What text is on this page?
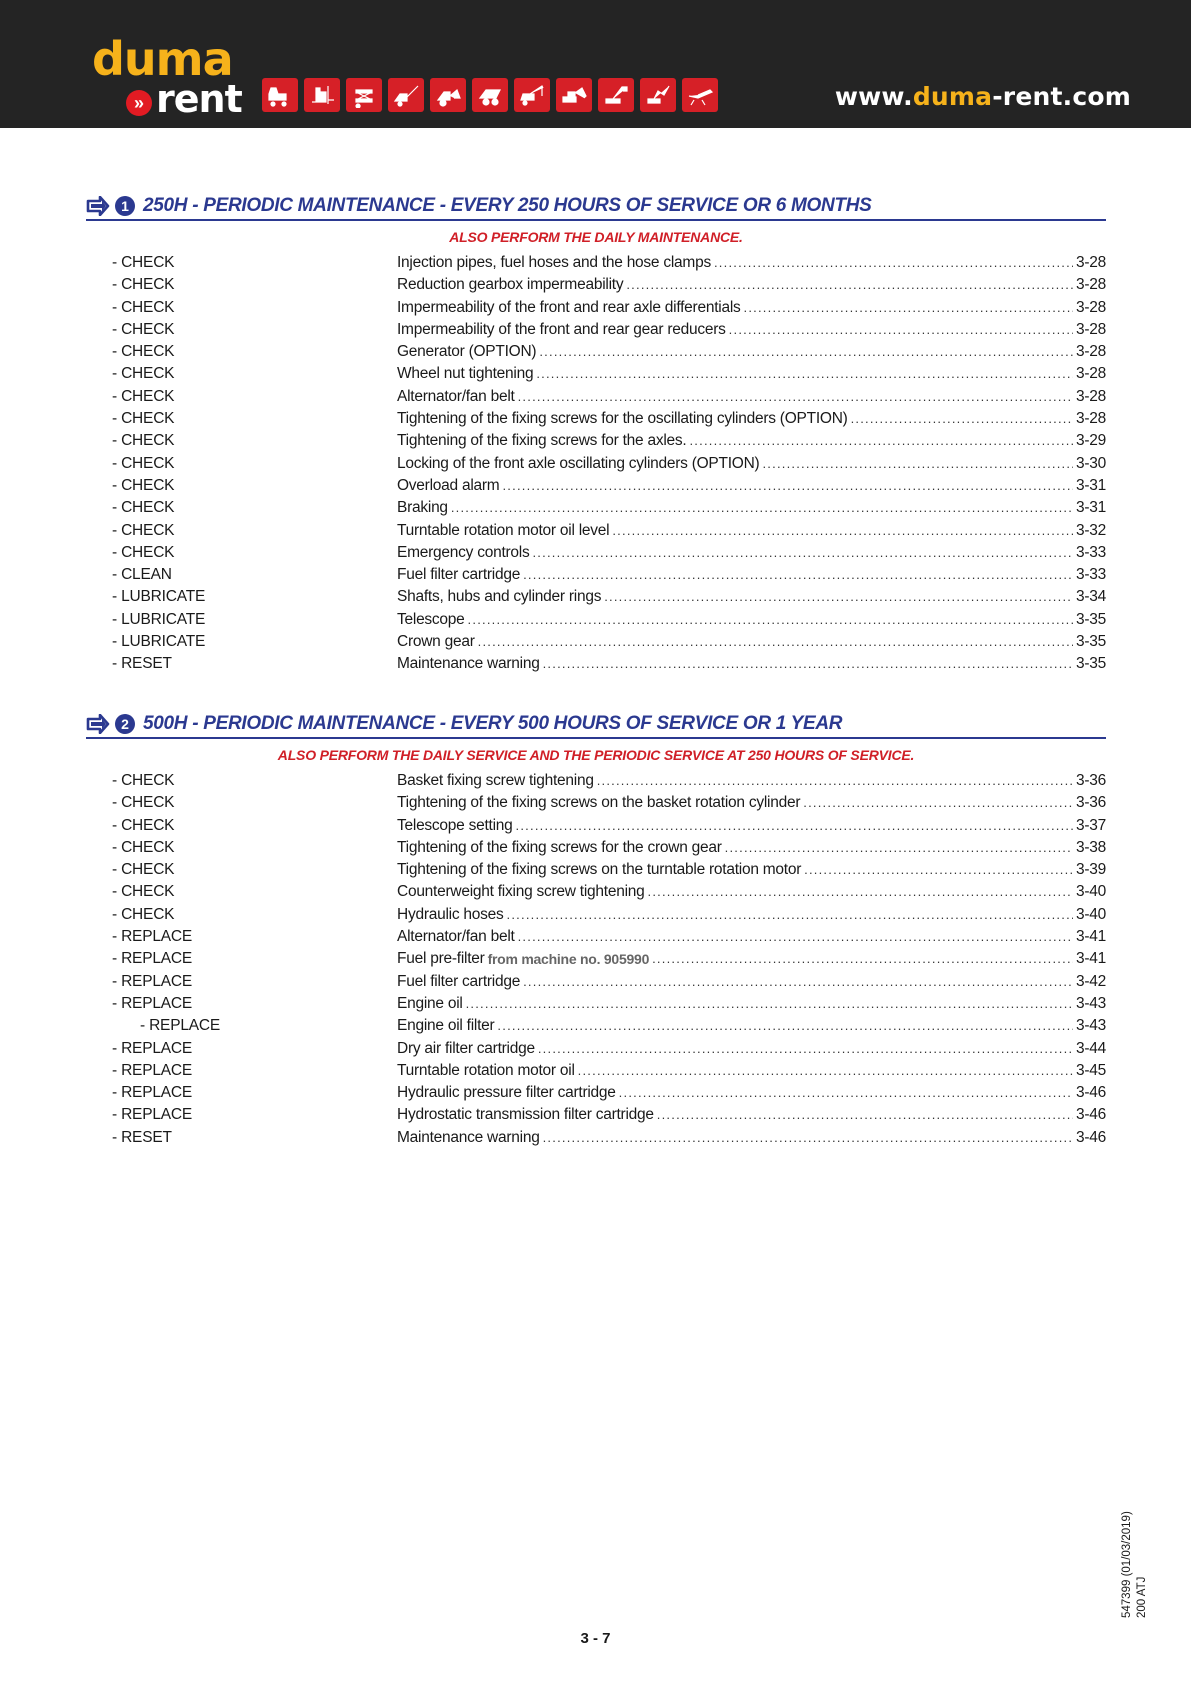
duma
» rent	www.duma-rent.com
1 250H - PERIODIC MAINTENANCE - EVERY 250 HOURS OF SERVICE OR 6 MONTHS
ALSO PERFORM THE DAILY MAINTENANCE.
- CHECK	Injection pipes, fuel hoses and the hose clamps . . .	3-28
- CHECK	Reduction gearbox impermeability . . .	3-28
- CHECK	Impermeability of the front and rear axle differentials . . .	3-28
- CHECK	Impermeability of the front and rear gear reducers . . .	3-28
- CHECK	Generator (OPTION) . . .	3-28
- CHECK	Wheel nut tightening . . .	3-28
- CHECK	Alternator/fan belt . . .	3-28
- CHECK	Tightening of the fixing screws for the oscillating cylinders (OPTION) . . .	3-28
- CHECK	Tightening of the fixing screws for the axles. . . .	3-29
- CHECK	Locking of the front axle oscillating cylinders (OPTION) . . .	3-30
- CHECK	Overload alarm . . .	3-31
- CHECK	Braking . . .	3-31
- CHECK	Turntable rotation motor oil level . . .	3-32
- CHECK	Emergency controls . . .	3-33
- CLEAN	Fuel filter cartridge . . .	3-33
- LUBRICATE	Shafts, hubs and cylinder rings . . .	3-34
- LUBRICATE	Telescope . . .	3-35
- LUBRICATE	Crown gear . . .	3-35
- RESET	Maintenance warning . . .	3-35
2 500H - PERIODIC MAINTENANCE - EVERY 500 HOURS OF SERVICE OR 1 YEAR
ALSO PERFORM THE DAILY SERVICE AND THE PERIODIC SERVICE AT 250 HOURS OF SERVICE.
- CHECK	Basket fixing screw tightening . . .	3-36
- CHECK	Tightening of the fixing screws on the basket rotation cylinder . . .	3-36
- CHECK	Telescope setting . . .	3-37
- CHECK	Tightening of the fixing screws for the crown gear . . .	3-38
- CHECK	Tightening of the fixing screws on the turntable rotation motor . . .	3-39
- CHECK	Counterweight fixing screw tightening . . .	3-40
- CHECK	Hydraulic hoses . . .	3-40
- REPLACE	Alternator/fan belt . . .	3-41
- REPLACE	Fuel pre-filter from machine no. 905990 . . .	3-41
- REPLACE	Fuel filter cartridge . . .	3-42
- REPLACE	Engine oil . . .	3-43
- REPLACE	Engine oil filter . . .	3-43
- REPLACE	Dry air filter cartridge . . .	3-44
- REPLACE	Turntable rotation motor oil . . .	3-45
- REPLACE	Hydraulic pressure filter cartridge . . .	3-46
- REPLACE	Hydrostatic transmission filter cartridge . . .	3-46
- RESET	Maintenance warning . . .	3-46
547399 (01/03/2019) 200 ATJ
3 - 7
